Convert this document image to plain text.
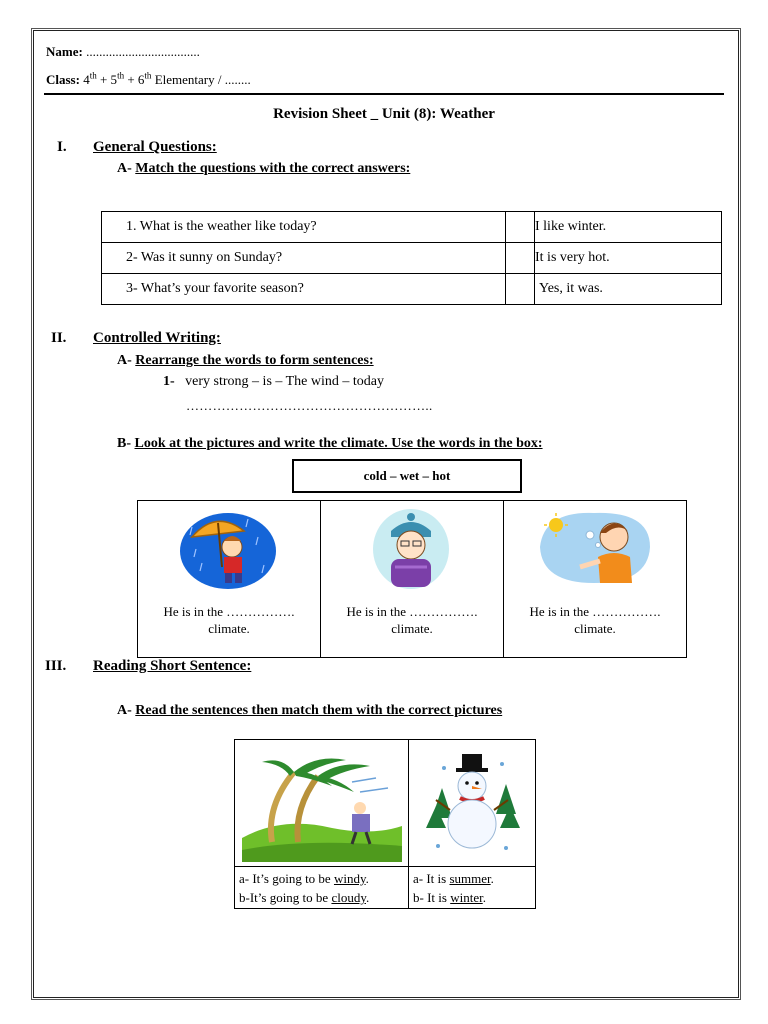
Name: ...................................
Class: 4th + 5th + 6th Elementary / ........
Revision Sheet _ Unit (8): Weather
I. General Questions:
A- Match the questions with the correct answers:
1. What is the weather like today?		I like winter.
2- Was it sunny on Sunday?		It is very hot.
3- What’s your favorite season?		Yes, it was.
II. Controlled Writing:
A- Rearrange the words to form sentences:
1- very strong – is – The wind – today
………………………………………………..
B- Look at the pictures and write the climate. Use the words in the box:
cold – wet – hot
He is in the …………….
climate.
He is in the …………….
climate.
He is in the …………….
climate.
III. Reading Short Sentence:
A- Read the sentences then match them with the correct pictures
a- It’s going to be windy.
b-It’s going to be cloudy.
a- It is summer.
b- It is winter.
